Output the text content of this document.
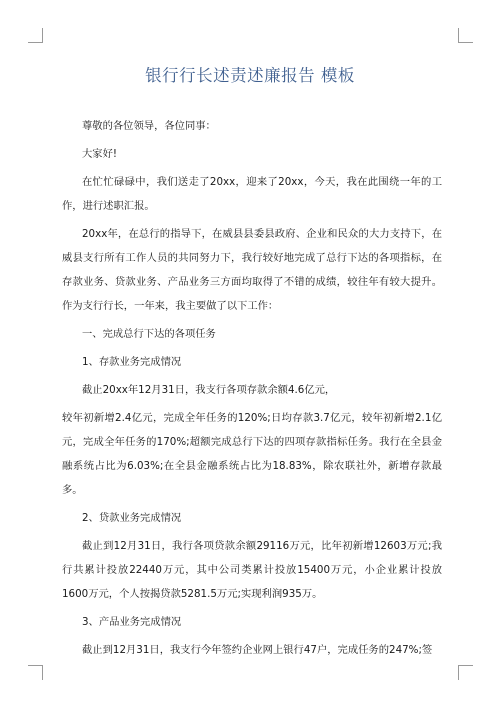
银行行长述责述廉报告 模板

尊敬的各位领导，各位同事：

大家好!

在忙忙碌碌中，我们送走了20xx，迎来了20xx，今天，我在此围绕一年的工作，进行述职汇报。

20xx年，在总行的指导下，在威县县委县政府、企业和民众的大力支持下，在威县支行所有工作人员的共同努力下，我行较好地完成了总行下达的各项指标，在存款业务、贷款业务、产品业务三方面均取得了不错的成绩，较往年有较大提升。作为支行行长，一年来，我主要做了以下工作：

一、完成总行下达的各项任务

1、存款业务完成情况

截止20xx年12月31日，我支行各项存款余额4.6亿元，

较年初新增2.4亿元，完成全年任务的120%;日均存款3.7亿元，较年初新增2.1亿元，完成全年任务的170%;超额完成总行下达的四项存款指标任务。我行在全县金融系统占比为6.03%;在全县金融系统占比为18.83%，除农联社外，新增存款最多。

2、贷款业务完成情况

截止到12月31日，我行各项贷款余额29116万元，比年初新增12603万元;我行共累计投放22440万元，其中公司类累计投放15400万元，小企业累计投放1600万元，个人按揭贷款5281.5万元;实现利润935万。

3、产品业务完成情况

截止到12月31日，我支行今年签约企业网上银行47户，完成任务的247%;签
